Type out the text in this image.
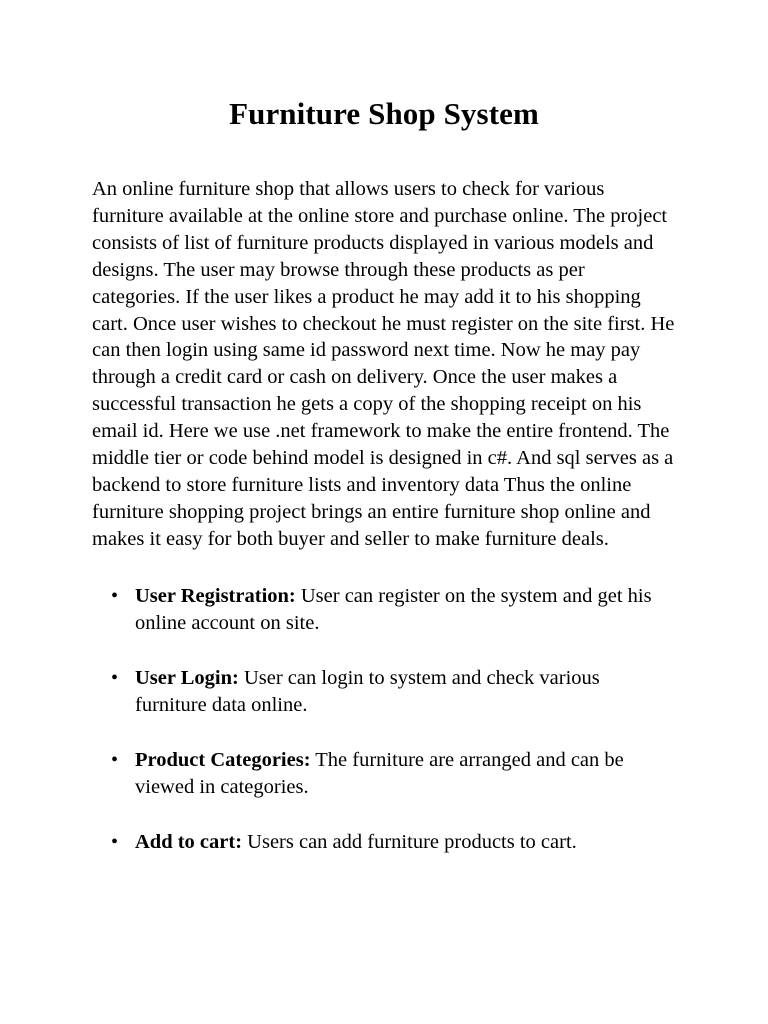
Furniture Shop System

An online furniture shop that allows users to check for various furniture available at the online store and purchase online. The project consists of list of furniture products displayed in various models and designs. The user may browse through these products as per categories. If the user likes a product he may add it to his shopping cart. Once user wishes to checkout he must register on the site first. He can then login using same id password next time. Now he may pay through a credit card or cash on delivery. Once the user makes a successful transaction he gets a copy of the shopping receipt on his email id. Here we use .net framework to make the entire frontend. The middle tier or code behind model is designed in c#. And sql serves as a backend to store furniture lists and inventory data Thus the online furniture shopping project brings an entire furniture shop online and makes it easy for both buyer and seller to make furniture deals.

• User Registration: User can register on the system and get his online account on site.
• User Login: User can login to system and check various furniture data online.
• Product Categories: The furniture are arranged and can be viewed in categories.
• Add to cart: Users can add furniture products to cart.
